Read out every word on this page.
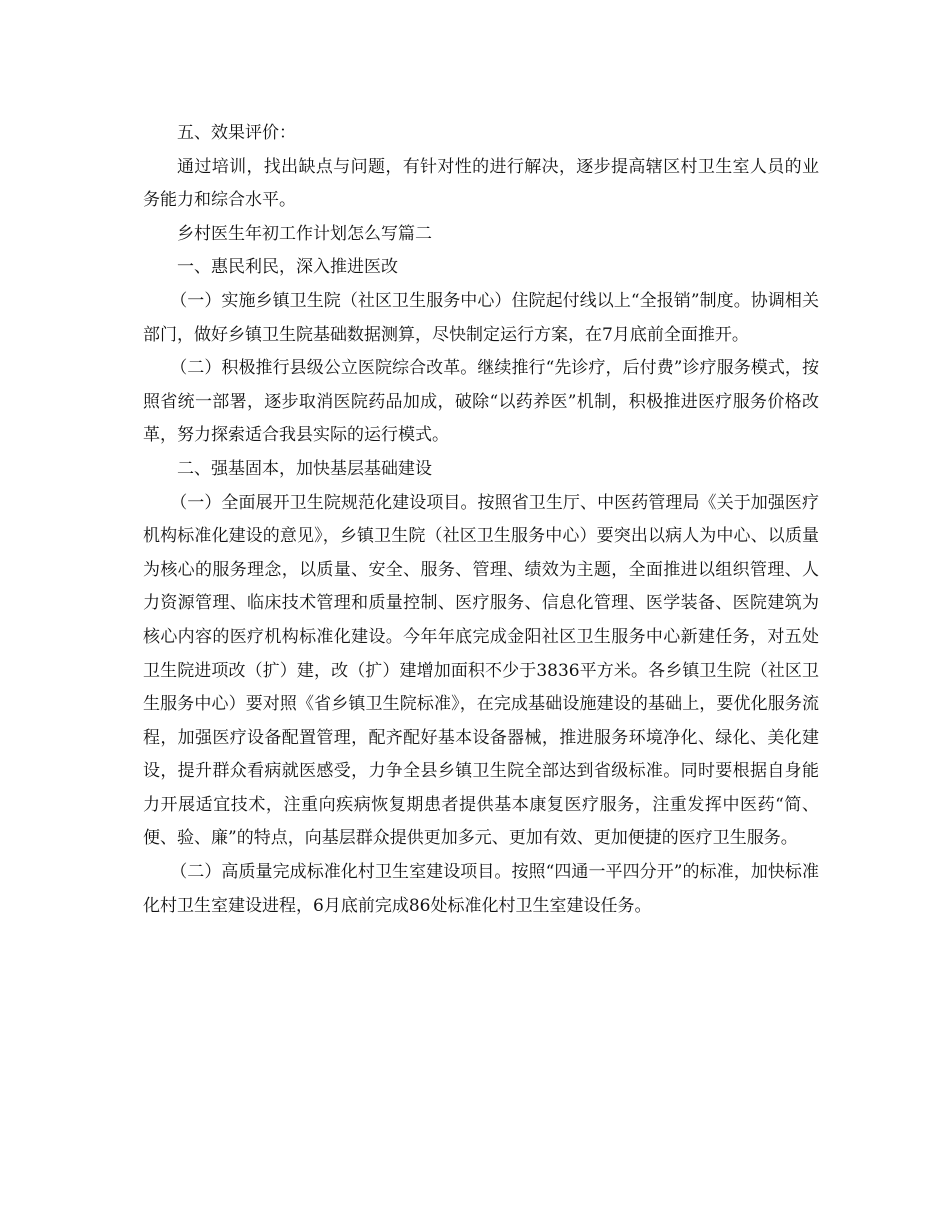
五、效果评价：

通过培训，找出缺点与问题，有针对性的进行解决，逐步提高辖区村卫生室人员的业务能力和综合水平。

乡村医生年初工作计划怎么写篇二

一、惠民利民，深入推进医改

（一）实施乡镇卫生院（社区卫生服务中心）住院起付线以上“全报销”制度。协调相关部门，做好乡镇卫生院基础数据测算，尽快制定运行方案，在7月底前全面推开。

（二）积极推行县级公立医院综合改革。继续推行“先诊疗，后付费”诊疗服务模式，按照省统一部署，逐步取消医院药品加成，破除“以药养医”机制，积极推进医疗服务价格改革，努力探索适合我县实际的运行模式。

二、强基固本，加快基层基础建设

（一）全面展开卫生院规范化建设项目。按照省卫生厅、中医药管理局《关于加强医疗机构标准化建设的意见》，乡镇卫生院（社区卫生服务中心）要突出以病人为中心、以质量为核心的服务理念，以质量、安全、服务、管理、绩效为主题，全面推进以组织管理、人力资源管理、临床技术管理和质量控制、医疗服务、信息化管理、医学装备、医院建筑为核心内容的医疗机构标准化建设。今年年底完成金阳社区卫生服务中心新建任务，对五处卫生院进项改（扩）建，改（扩）建增加面积不少于3836平方米。各乡镇卫生院（社区卫生服务中心）要对照《省乡镇卫生院标准》，在完成基础设施建设的基础上，要优化服务流程，加强医疗设备配置管理，配齐配好基本设备器械，推进服务环境净化、绿化、美化建设，提升群众看病就医感受，力争全县乡镇卫生院全部达到省级标准。同时要根据自身能力开展适宜技术，注重向疾病恢复期患者提供基本康复医疗服务，注重发挥中医药“简、便、验、廉”的特点，向基层群众提供更加多元、更加有效、更加便捷的医疗卫生服务。

（二）高质量完成标准化村卫生室建设项目。按照“四通一平四分开”的标准，加快标准化村卫生室建设进程，6月底前完成86处标准化村卫生室建设任务。
